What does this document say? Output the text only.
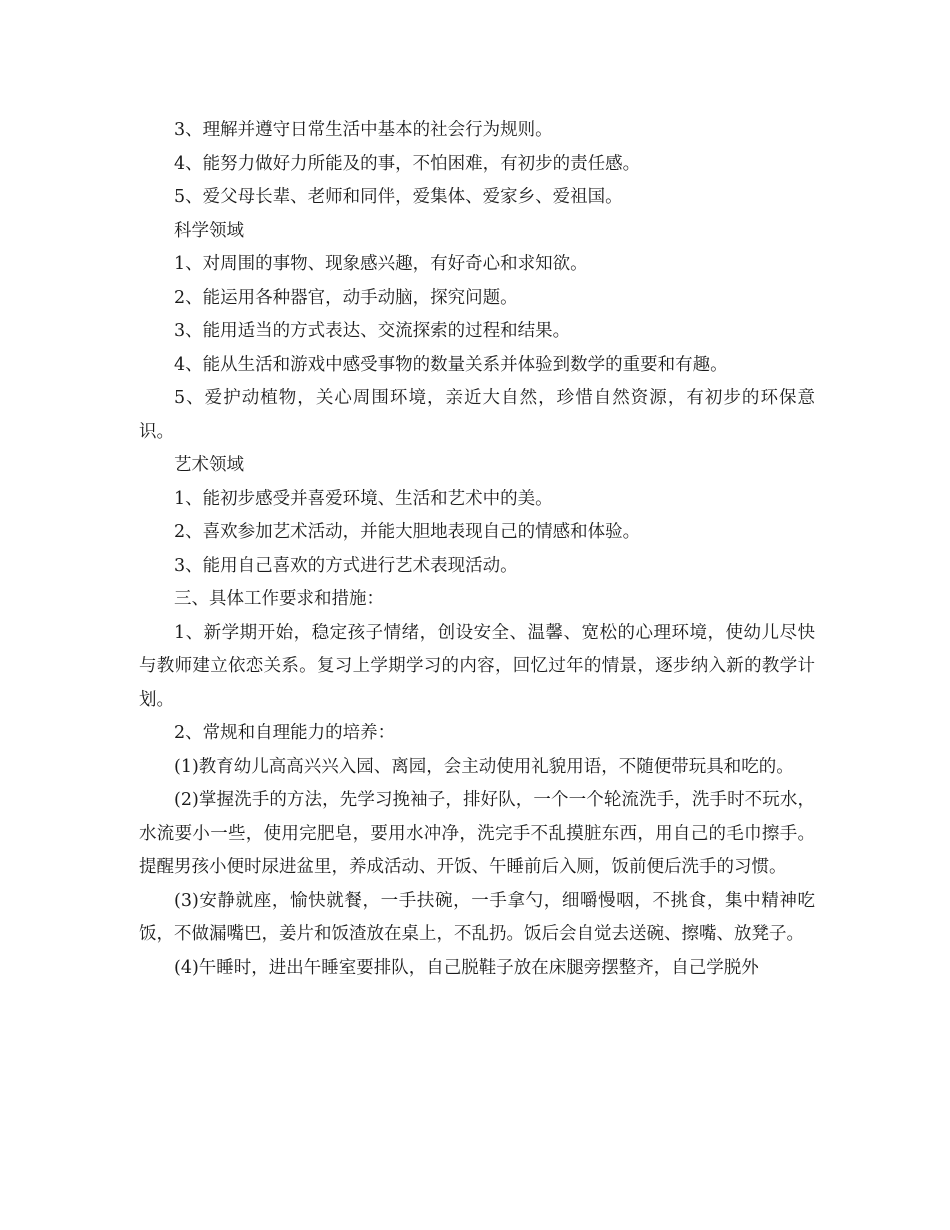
3、理解并遵守日常生活中基本的社会行为规则。

4、能努力做好力所能及的事，不怕困难，有初步的责任感。

5、爱父母长辈、老师和同伴，爱集体、爱家乡、爱祖国。

科学领域

1、对周围的事物、现象感兴趣，有好奇心和求知欲。

2、能运用各种器官，动手动脑，探究问题。

3、能用适当的方式表达、交流探索的过程和结果。

4、能从生活和游戏中感受事物的数量关系并体验到数学的重要和有趣。

5、爱护动植物，关心周围环境，亲近大自然，珍惜自然资源，有初步的环保意识。

艺术领域

1、能初步感受并喜爱环境、生活和艺术中的美。

2、喜欢参加艺术活动，并能大胆地表现自己的情感和体验。

3、能用自己喜欢的方式进行艺术表现活动。

三、具体工作要求和措施：

1、新学期开始，稳定孩子情绪，创设安全、温馨、宽松的心理环境，使幼儿尽快与教师建立依恋关系。复习上学期学习的内容，回忆过年的情景，逐步纳入新的教学计划。

2、常规和自理能力的培养：

(1)教育幼儿高高兴兴入园、离园，会主动使用礼貌用语，不随便带玩具和吃的。

(2)掌握洗手的方法，先学习挽袖子，排好队，一个一个轮流洗手，洗手时不玩水，水流要小一些，使用完肥皂，要用水冲净，洗完手不乱摸脏东西，用自己的毛巾擦手。提醒男孩小便时尿进盆里，养成活动、开饭、午睡前后入厕，饭前便后洗手的习惯。

(3)安静就座，愉快就餐，一手扶碗，一手拿勺，细嚼慢咽，不挑食，集中精神吃饭，不做漏嘴巴，姜片和饭渣放在桌上，不乱扔。饭后会自觉去送碗、擦嘴、放凳子。

(4)午睡时，进出午睡室要排队，自己脱鞋子放在床腿旁摆整齐，自己学脱外
